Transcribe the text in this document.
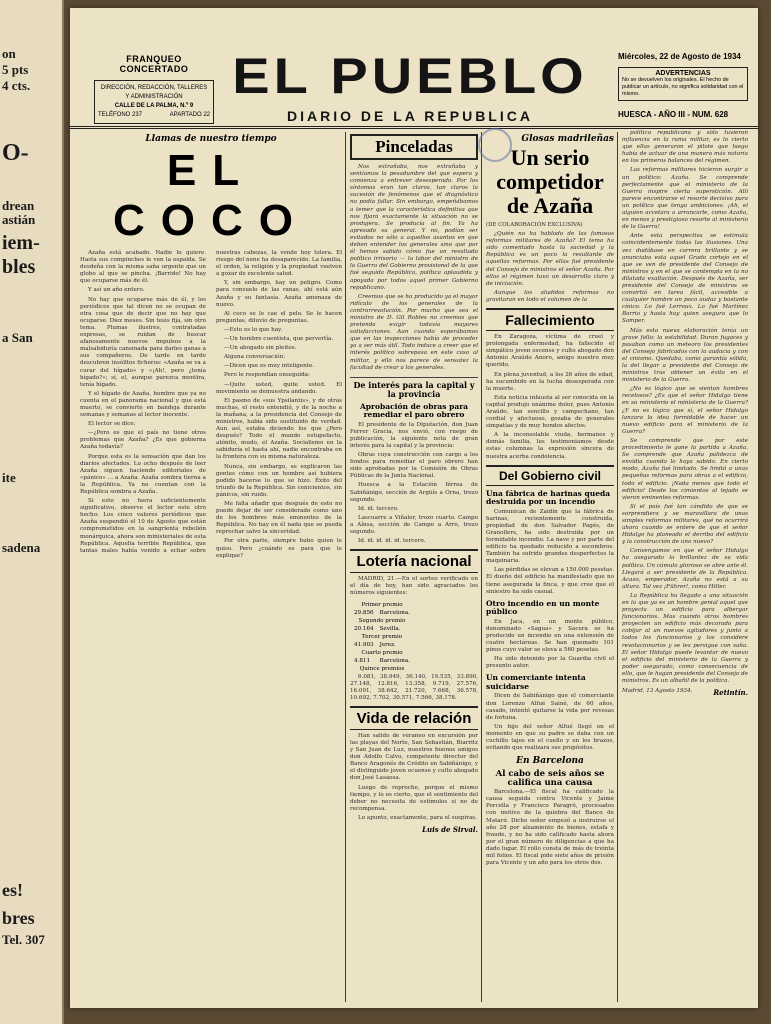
on
5 pts
4 cts.
O-
drean
astián
iem-
bles
a San
ite
sadena
es!
bres
Tel. 307
FRANQUEO CONCERTADO
DIRECCIÓN, REDACCIÓN, TALLERES Y ADMINISTRACIÓN
CALLE DE LA PALMA, N.º 9
TELÉFONO 237	APARTADO 22
EL PUEBLO
DIARIO DE LA REPUBLICA
Miércoles, 22 de Agosto de 1934
ADVERTENCIAS
No se devuelven los originales. El hecho de publicar un artículo, no significa solidaridad con el mismo.
HUESCA - AÑO III - NUM. 628
Llamas de nuestro tiempo
EL COCO

Azaña está acabado. Nadie lo quiere. Hasta sus compinches le ven la espalda. Se desdeña con la misma saña urgente que un globo al que se pincha. ¡Barrido! No hay que ocuparse más de él.

Y así un año entero.

No hay que ocuparse más de él, y los periódicos que tal dicen no se ocupan de otra cosa que de decir que no hay que ocuparse. Diez meses. Sin tesis fija, sin otro tema. Plumas ilustres, contratadas expresas, se ruidan de buscar afanosamente nuevos impulsos a la malsabiduría cansinada para darles ganas a sus compañeros. De tarde en tarde descubren insólitos ficheros: «Azaña se va a curar del hígado» y «¡Ah!, pero ¿tenía hígado?»; sí, el, aunque parezca mentira, tenía hígado.

Y el hígado de Azaña, hombre que ya no cuenta en el panorama nacional y que está muerto, se convierte en bandeja durante semanas y semanas al lector inocente.

El lector se dice:

—¿Pero es que el país no tiene otros problemas que Azaña? ¿Es que gobierna Azaña todavía?

Porque esta es la sensación que dan los diarios afectados. Lo ocho después de leer Azaña siguen haciendo editoriales de «pánico» ... a Azaña. Azaña sombra tierna a la República. Ya no cuentan con la República sombra a Azaña.

Si esto no fuera suficientemente significativo, observe el lector este otro hecho: Los cinco valores periódicos que Azaña suspendió el 10 de Agosto que están comprometidos en la sangrienta rebelión monárquica, ahora son ministeriales de esta República. Aquella terrible República, que tantas males había venido a echar sobre nuestras cabezas, la vende hoy tolera. El riesgo del nene ha desaparecido. La familia, el orden, la religión y la propiedad vuelven a gozar de excelente salud.

Y, sin embargo, hay un peligro. Como para consuelo de las ranas, ahí está aún Azaña y su fantasía. Azaña amenaza de nuevo.

Al coco se le cae el pelo. Se le hacen preguntas, diluvio de preguntas.

—Esto es lo que hay.

—Un hombre cuentista, que pervertía.

—Un abogado sin pleitos.

Alguna conversación:

—Dicen que es muy inteligente.

Pero le respondían enseguida:

—Quite usted, quite usted. El movimiento se demuestra andando.

El pasmo de «sus Ypsilantis», y de otras muchas, el resto entendió, y de la noche a la mañana, a la presidencia del Consejo de ministros, había sido sustituido de verdad. Aun así, estaba diciendo los que ¿Pero después? Todo el mundo estupefacto, atónito, mudo, el Azaña. Socialismo en la sabiduría el hasta ahí, nadie encontraba en la frontera con su misma naturaleza.

Nunca, sin embargo, se explicaron las gentes cómo con un hombre así hubiera podido hacerse lo que se hizo. Éxito del triunfo de la República. Sin cenicientos, sin pánicos, sin ruido.

Me falta añadir que después de esto no puede dejar de ser considerado como uno de los hombres más eminentes de la República. No hay en él nada que se pueda reprochar salvo la sinceridad.

Por otra parte, siempre hubo quien le quiso. Pero ¿cuándo es para que le explique?

Pinceladas

Nos extrañaba, nos extrañaba y sentíamos la pesadumbre del que espera y comienza a entrever desesperado. Por los síntomas eran tan claros, tan claros la sucesión de fenómenos que el diagnóstico no podía fallar. Sin embargo, empeñábamos a temer que la característica definitiva que nos fijara exactamente la situación no se produjera. Se producía al fin. Ya ha apresado su general. Y no, podían ser evitados no sólo a aquellos asuntos en que deben entender los generales sino que por él hemos sabido cómo fue un resultado político irrisorio — la labor del ministro de la Guerra del Gobierno provisional de la que fué seguida República, política aplaudida y apoyada por todos aquel primer Gobierno republicano.

Creemos que se ha producido ya el mayor ridículo de los generales de la contrarrevolución. Por mucho que sea el ministro de D. Gil Robles no creemos que pretenda exigir todavía mayores satisfacciones. Aun cuando esperábamos que en las inspecciones había de proceder ya a ser más útil. Todo induce a creer que el interés político sobrepasa en este caso al militar, y ello nos parece de sensatez la facultad de crear a los generales.

De interés para la capital y la provincia
Aprobación de obras para remediar el paro obrero

El presidente de la Diputación, don Juan Ferrer Gracia, nos envió, con ruego de publicación, la siguiente nota de gran interés para la capital y la provincia:

Obras cuya construcción con cargo a los fondos para remediar el paro obrero han sido aprobadas por la Comisión de Obras Públicas de la Junta Nacional.

Huesca a la Estación férrea de Sabiñánigo, sección de Argüís a Orna, trozo segundo.

Id. id. tercero.

Lascuarre a Viñaler, trozo cuarto. Campo a Aínsa, sección de Campo a Arro, trozo segundo.

Id. id. id. id. id. tercero.

Lotería nacional

MADRID, 21.—En el sorteo verificado en el día de hoy, han sido agraciados los números siguientes:

Primer premio	
29.856	Barcelona.
Segundo premio	
20.164	Sevilla.
Tercer premio	
41.903	Jerez.
Cuarto premio	
4.811	Barcelona.
Quince premios	

6.081, 38.949, 36.140, 19.535, 33.890, 27.148, 12.816, 13.358, 9.719, 27.576, 16.091, 38.642, 21.720, 7.668, 36.578, 10.692, 7.702, 30.571, 7.566, 38.178.

Vida de relación

Han salido de veraneo en excursión por las playas del Norte, San Sebastián, Biarritz y San Juan de Luz, nuestros buenos amigos don Adolfo Calvo, competente director del Banco Aragonés de Crédito en Sabiñánigo, y el distinguido joven ocuense y culto abogado don José Lasaosa.

Luego de reproche, porque el mismo tiempo, y lo es cierto, que el sentimiento del deber no necesita de estímulos si no de recompensa.

Lo apunto, exactamente, para el suspiras.

Luis de Sirval.
Glosas madrileñas
Un serio competidor de Azaña
(DE COLABORACIÓN EXCLUSIVA)

¿Quién no ha hablado de las famosas reformas militares de Azaña? El tema ha sido comentado hasta la saciedad y la República es un poco la resultante de aquellas reformas. Por ellas fué presidente del Consejo de ministros el señor Azaña. Por ellas el régimen tuvo un desarrollo claro y de iniciación.

Aunque los aludidos reformas no gravitaran en todo el volumen de la

Fallecimiento

En Zaragoza, víctima de cruel y prolongada enfermedad, ha fallecido el simpático joven oscense y culto abogado don Antonio Araúdo Anoro, amigo nuestro muy querido.

En plena juventud, a los 26 años de edad, ha sucumbido en la lucha desesperada con la muerte.

Esta noticia infausta al ser conocida en la capital produjo unánime dolor, pues Antonio Araúdo, tan sencillo y campechano, tan cordial y afectuoso, gozaba de generales simpatías y de muy hondos afectos.

A la inconsolable viuda, hermanos y demás familia, les testimoniamos desde estas columnas la expresión sincera de nuestra acerba condolencia.

Del Gobierno civil
Una fábrica de harinas queda destruida por un incendio

Comunican de Zaidín que la fábrica de harinas, recientemente construida, propiedad de don Salvador Pagés, de Granollers, ha sido destruida por un formidable incendio. La nave y por parte del edificio ha quedado reducido a escombros. También ha sufrido grandes desperfectos la maquinaria.

Las pérdidas se elevan a 150.000 pesetas. El dueño del edificio ha manifestado que no tiene asegurada la finca, y que cree que el siniestro ha sido casual.

Otro incendio en un monte público

En Jaca, en un monte público, denominado «Sagua» y Sacera se ha producido un incendio en una extensión de cuatro hectáreas. Se han quemado 101 pinos cuyo valor se eleva a 560 pesetas.

Ha sido detenido por la Guardia civil el presunto autor.

Un comerciante intenta suicidarse

Dicen de Sabiñánigo que el comerciante don Lorenzo Alfué Sainé, de 60 años, casado, intentó quitarse la vida por revesas de fortuna.

Un hijo del señor Alfué llegó en el momento en que su padre se daba con un cuchillo tajos en el cuello y en los brazos, evitando que realizara sus propósitos.

En Barcelona
Al cabo de seis años se califica una causa

Barcelona.—El fiscal ha calificado la causa seguida contra Vicente y Jaime Porcella y Francisco Paragró, procesados con motivo de la quiebra del Banco de Mataró. Dicho señor empezó a instruirse el año 28 por alzamiento de bienes, estafa y fraude, y no ha sido calificado hasta ahora por el gran número de diligencias a que ha dado lugar. El rollo consta de más de treinta mil folios. El fiscal pide siete años de prisión para Vicente y un año para los otros dos.

política republicana y sólo tuvieron influencia en la rama militar, es lo cierto que ellas generaron el pilote que luego había de actuar de una manera más notoria en los primeros balances del régimen.

Las reformas militares hicieron surgir a un político: Azaña. Se comprende perfectamente que el ministerio de la Guerra inspire cierta superstición. Allí parece encontrarse el resorte decisivo para un político que tenga ambiciones. ¡Ah, el alguien accetara a arrancarle, como Azaña, en menos y prestigioso resorte al ministerio de la Guerra!

Ante esta perspectiva se estimula coincidentemente todas las ilusiones. Una vez dudábase en carrera brillante y se anunciaba esta aquel Grado cortejo en el que se ven de presidente del Consejo de ministros y en el que se contempla en la no dilatada exaltación. Después de Azaña, ser presidente del Consejo de ministros se convirtió en tarea fácil, accesible a cualquier hombre un poco audaz y bastante cínico. Lo fué Lerroux. Lo fué Martínez Barrio y hasta hay quien asegura que lo Samper.

Más esta nueva elaboración tenía un grave fallo: la estabilidad. Duran fugaces y pasaban como un meteoro los presidentes del Consejo fabricados con la audacia y con el cinismo. Quedaba, como garantía sólida, la del llegar a presidente del Consejo de ministros tras obtener un éxito en el ministerio de la Guerra.

¿No es lógico que se sientan hombres recelosos? ¿Es que el señor Hidalgo tiene en su ministerio el ministerio de la Guerra? ¿Y no es lógico que sí, el señor Hidalgo lanzara la idea formidable de hacer un nuevo edificio para el ministerio de la Guerra?

Se comprende que por este procedimiento le gane la partida a Azaña. Se comprende que Azaña palidezca de envidia cuando lo haya sabido. En cierto modo, Azaña fué limitado. Se limitó a unas pequeñas reformas para obras a el edificio, todo el edificio. ¡Nada menos que todo el edificio! Desde los cimientos al tejado se vieron eminentes reformas.

Si el país fué tan cándido de que se sorprendiera y se maravillara de unas simples reformas militares, qué no ocurrirá ahora cuando se entere de que el señor Hidalgo ha planeado el derribo del edificio y la construcción de uno nuevo?

Convengamos en que el señor Hidalgo ha asegurado la brillantez de su vida política. Un cúmulo glorioso se abre ante él. Llegará a ser presidente de la República. Acaso, emperador, Azaña no está a su altura. Tal vez ¡Führer!, como Hitler.

La República ha llegado a una situación en la que ya es un hombre genial aquel que proyecta un edificio para albergar funcionarios. Mas cuando otros hombres proyecten un edificio más decorado para cobijar al un nuevos agitadores y junto a todos los funcionarios y los considere revolucionarios y se les persigue con saña. El señor Hidalgo puede levantar de nuevo el edificio del ministerio de la Guerra y poder asegurado, como consecuencia de ello, que le hagan presidente del Consejo de ministros. Es un albañil de la política.

Madrid, 13 Agosto 1934.	Retintín.
